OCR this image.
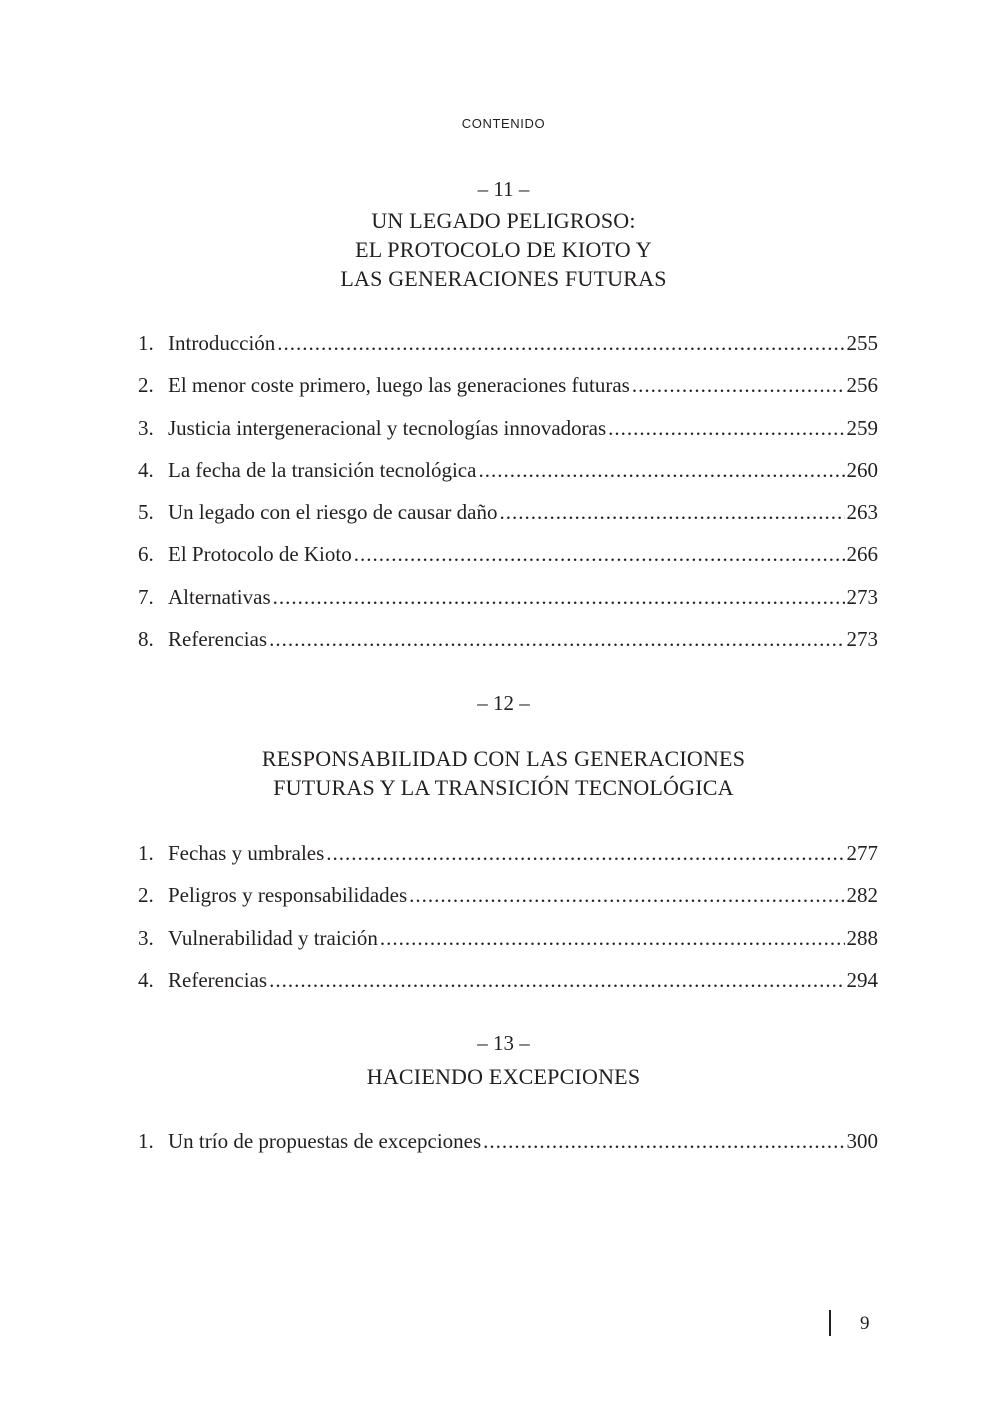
CONTENIDO
– 11 –
UN LEGADO PELIGROSO:
EL PROTOCOLO DE KIOTO Y
LAS GENERACIONES FUTURAS
1. Introducción .....	255
2. El menor coste primero, luego las generaciones futuras .....	256
3. Justicia intergeneracional y tecnologías innovadoras .....	259
4. La fecha de la transición tecnológica .....	260
5. Un legado con el riesgo de causar daño .....	263
6. El Protocolo de Kioto .....	266
7. Alternativas .....	273
8. Referencias .....	273
– 12 –
RESPONSABILIDAD CON LAS GENERACIONES
FUTURAS Y LA TRANSICIÓN TECNOLÓGICA
1. Fechas y umbrales .....	277
2. Peligros y responsabilidades .....	282
3. Vulnerabilidad y traición .....	288
4. Referencias .....	294
– 13 –
HACIENDO EXCEPCIONES
1. Un trío de propuestas de excepciones .....	300
9
